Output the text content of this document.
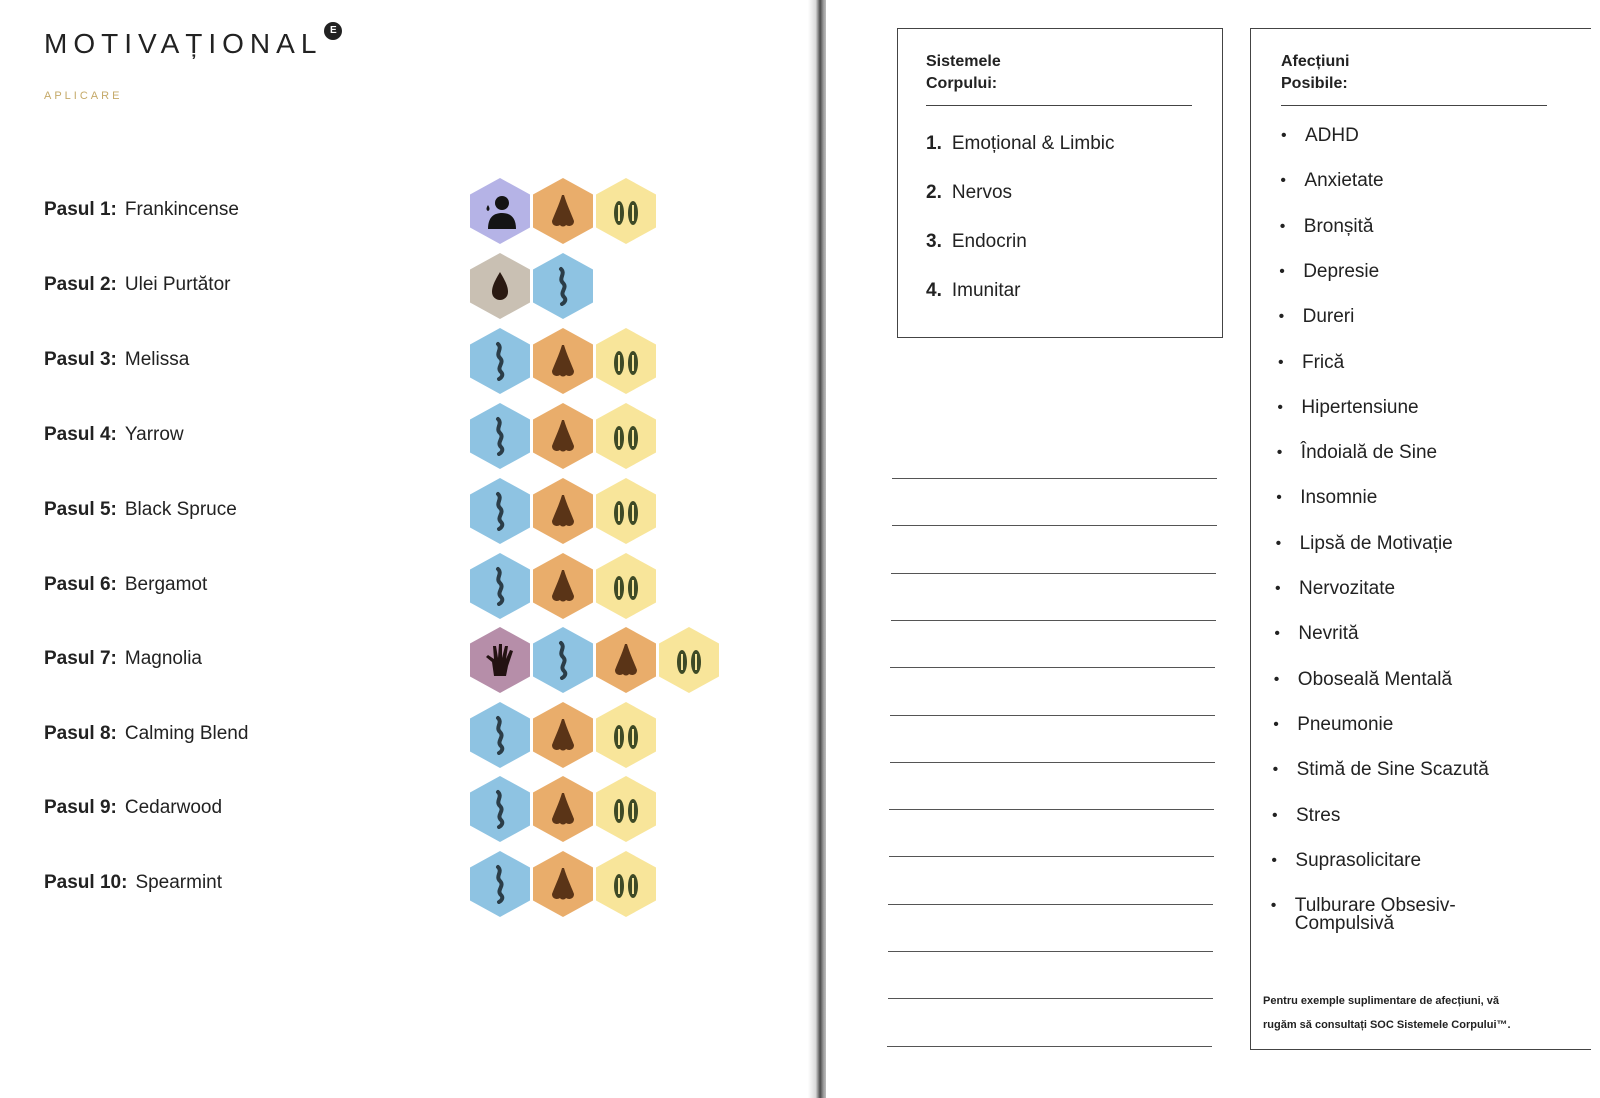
MOTIVAȚIONAL E
APLICARE
Pasul 1: Frankincense
Pasul 2: Ulei Purtător
Pasul 3: Melissa
Pasul 4: Yarrow
Pasul 5: Black Spruce
Pasul 6: Bergamot
Pasul 7: Magnolia
Pasul 8: Calming Blend
Pasul 9: Cedarwood
Pasul 10: Spearmint
Sistemele
Corpului:
1. Emoțional & Limbic
2. Nervos
3. Endocrin
4. Imunitar
Afecțiuni
Posibile:
• ADHD
• Anxietate
• Bronșită
• Depresie
• Dureri
• Frică
• Hipertensiune
• Îndoială de Sine
• Insomnie
• Lipsă de Motivație
• Nervozitate
• Nevrită
• Oboseală Mentală
• Pneumonie
• Stimă de Sine Scazută
• Stres
• Suprasolicitare
• Tulburare Obsesiv-
Compulsivă
Pentru exemple suplimentare de afecțiuni, vă
rugăm să consultați SOC Sistemele Corpului™.
